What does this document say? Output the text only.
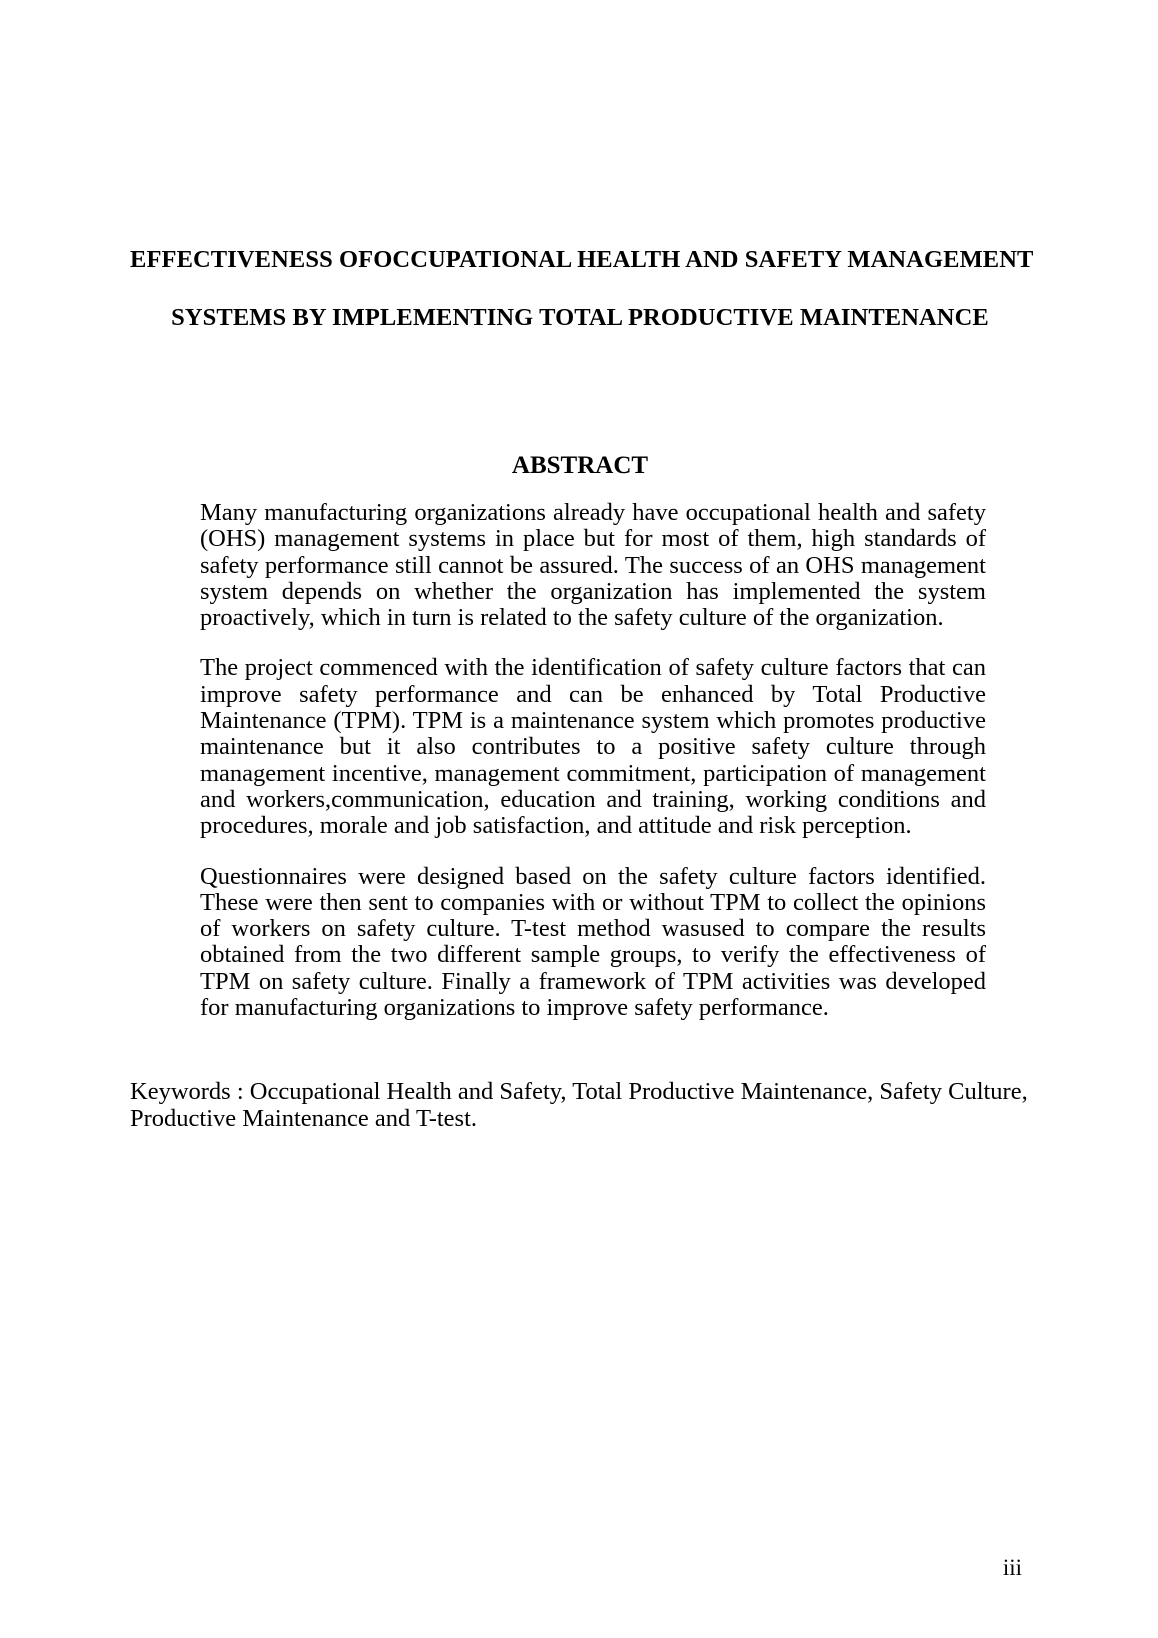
EFFECTIVENESS OFOCCUPATIONAL HEALTH AND SAFETY MANAGEMENT
SYSTEMS BY IMPLEMENTING TOTAL PRODUCTIVE MAINTENANCE
ABSTRACT

Many manufacturing organizations already have occupational health and safety (OHS) management systems in place but for most of them, high standards of safety performance still cannot be assured. The success of an OHS management system depends on whether the organization has implemented the system proactively, which in turn is related to the safety culture of the organization.

The project commenced with the identification of safety culture factors that can improve safety performance and can be enhanced by Total Productive Maintenance (TPM). TPM is a maintenance system which promotes productive maintenance but it also contributes to a positive safety culture through management incentive, management commitment, participation of management and workers,communication, education and training, working conditions and procedures, morale and job satisfaction, and attitude and risk perception.

Questionnaires were designed based on the safety culture factors identified. These were then sent to companies with or without TPM to collect the opinions of workers on safety culture. T-test method wasused to compare the results obtained from the two different sample groups, to verify the effectiveness of TPM on safety culture. Finally a framework of TPM activities was developed for manufacturing organizations to improve safety performance.

Keywords : Occupational Health and Safety, Total Productive Maintenance, Safety Culture,
Productive Maintenance and T-test.
iii
